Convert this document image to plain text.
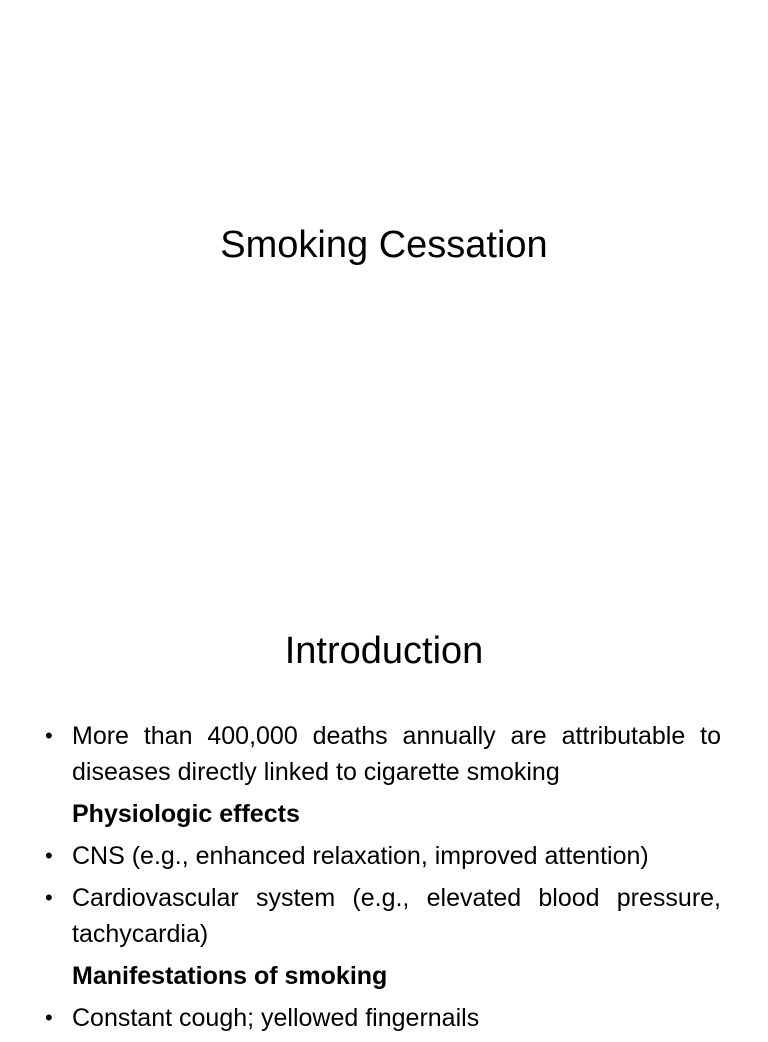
Smoking Cessation
Introduction
• More than 400,000 deaths annually are attributable to diseases directly linked to cigarette smoking
Physiologic effects
• CNS (e.g., enhanced relaxation, improved attention)
• Cardiovascular system (e.g., elevated blood pressure, tachycardia)
Manifestations of smoking
• Constant cough; yellowed fingernails
